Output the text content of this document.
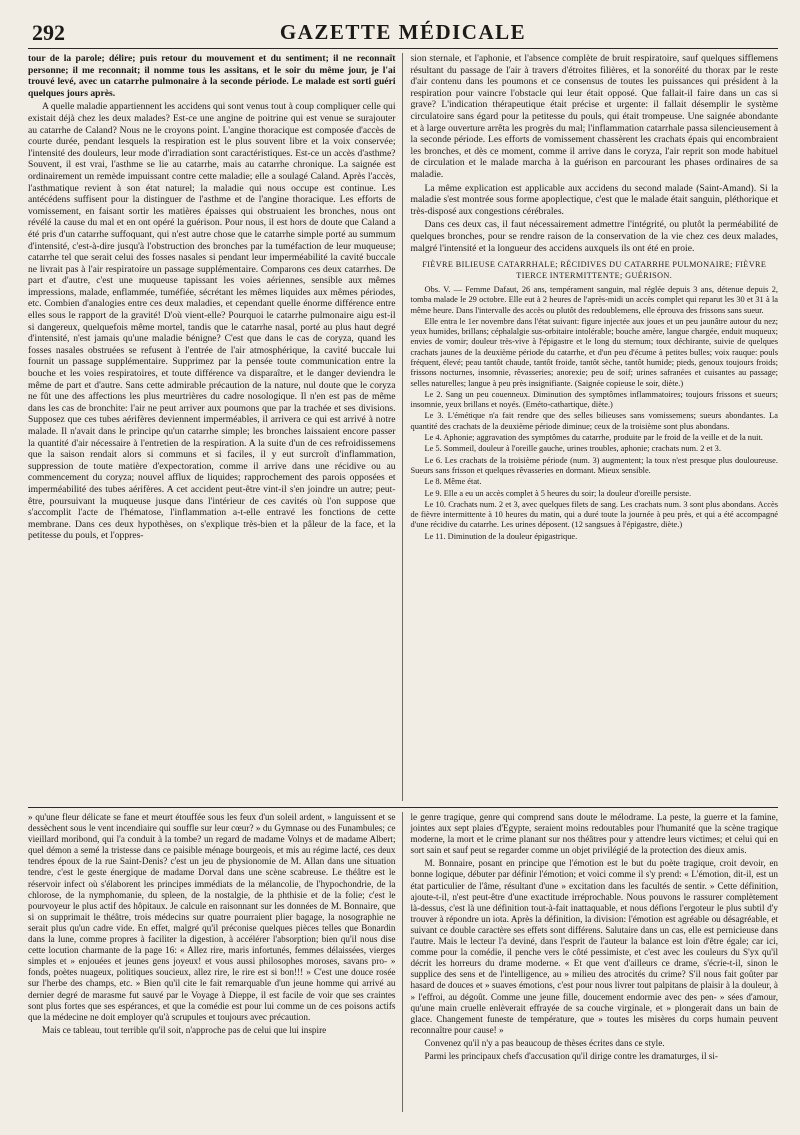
292	GAZETTE MÉDICALE

tour de la parole; délire; puis retour du mouvement et du sentiment; il ne reconnaît personne; il me reconnait; il nomme tous les assitans, et le soir du même jour, je l'ai trouvé levé, avec un catarrhe pulmonaire à la seconde période. Le malade est sorti guéri quelques jours après.

A quelle maladie appartiennent les accidens qui sont venus tout à coup compliquer celle qui existait déjà chez les deux malades? Est-ce une angine de poitrine qui est venue se surajouter au catarrhe de Caland? Nous ne le croyons point. L'angine thoracique est composée d'accès de courte durée, pendant lesquels la respiration est le plus souvent libre et la voix conservée; l'intensité des douleurs, leur mode d'irradiation sont caractéristiques. Est-ce un accès d'asthme? Souvent, il est vrai, l'asthme se lie au catarrhe, mais au catarrhe chronique. La saignée est ordinairement un remède impuissant contre cette maladie; elle a soulagé Caland. Après l'accès, l'asthmatique revient à son état naturel; la maladie qui nous occupe est continue. Les antécédens suffisent pour la distinguer de l'asthme et de l'angine thoracique. Les efforts de vomissement, en faisant sortir les matières épaisses qui obstruaient les bronches, nous ont révélé la cause du mal et en ont opéré la guérison. Pour nous, il est hors de doute que Caland a été pris d'un catarrhe suffoquant, qui n'est autre chose que le catarrhe simple porté au summum d'intensité, c'est-à-dire jusqu'à l'obstruction des bronches par la tuméfaction de leur muqueuse; catarrhe tel que serait celui des fosses nasales si pendant leur imperméabilité la cavité buccale ne livrait pas à l'air respiratoire un passage supplémentaire. Comparons ces deux catarrhes. De part et d'autre, c'est une muqueuse tapissant les voies aériennes, sensible aux mêmes impressions, malade, enflammée, tuméfiée, sécrétant les mêmes liquides aux mêmes périodes, etc. Combien d'analogies entre ces deux maladies, et cependant quelle énorme différence entre elles sous le rapport de la gravité! D'où vient-elle? Pourquoi le catarrhe pulmonaire aigu est-il si dangereux, quelquefois même mortel, tandis que le catarrhe nasal, porté au plus haut degré d'intensité, n'est jamais qu'une maladie bénigne? C'est que dans le cas de coryza, quand les fosses nasales obstruées se refusent à l'entrée de l'air atmosphérique, la cavité buccale lui fournit un passage supplémentaire. Supprimez par la pensée toute communication entre la bouche et les voies respiratoires, et toute différence va disparaître, et le danger deviendra le même de part et d'autre. Sans cette admirable précaution de la nature, nul doute que le coryza ne fût une des affections les plus meurtrières du cadre nosologique. Il n'en est pas de même dans les cas de bronchite: l'air ne peut arriver aux poumons que par la trachée et ses divisions. Supposez que ces tubes aérifères deviennent imperméables, il arrivera ce qui est arrivé à notre malade. Il n'avait dans le principe qu'un catarrhe simple; les bronches laissaient encore passer la quantité d'air nécessaire à l'entretien de la respiration. A la suite d'un de ces refroidissemens que la saison rendait alors si communs et si faciles, il y eut surcroît d'inflammation, suppression de toute matière d'expectoration, comme il arrive dans une récidive ou au commencement du coryza; nouvel afflux de liquides; rapprochement des parois opposées et imperméabilité des tubes aérifères. A cet accident peut-être vint-il s'en joindre un autre; peut-être, poursuivant la muqueuse jusque dans l'intérieur de ces cavités où l'on suppose que s'accomplit l'acte de l'hématose, l'inflammation a-t-elle entravé les fonctions de cette membrane. Dans ces deux hypothèses, on s'explique très-bien et la pâleur de la face, et la petitesse du pouls, et l'oppres-

sion sternale, et l'aphonie, et l'absence complète de bruit respiratoire, sauf quelques sifflemens résultant du passage de l'air à travers d'étroites filières, et la sonoréité du thorax par le reste d'air contenu dans les poumons et ce consensus de toutes les puissances qui président à la respiration pour vaincre l'obstacle qui leur était opposé. Que fallait-il faire dans un cas si grave? L'indication thérapeutique était précise et urgente: il fallait désemplir le système circulatoire sans égard pour la petitesse du pouls, qui était trompeuse. Une saignée abondante et à large ouverture arrêta les progrès du mal; l'inflammation catarrhale passa silencieusement à la seconde période. Les efforts de vomissement chassèrent les crachats épais qui encombraient les bronches, et dès ce moment, comme il arrive dans le coryza, l'air reprit son mode habituel de circulation et le malade marcha à la guérison en parcourant les phases ordinaires de sa maladie.

La même explication est applicable aux accidens du second malade (Saint-Amand). Si la maladie s'est montrée sous forme apoplectique, c'est que le malade était sanguin, pléthorique et très-disposé aux congestions cérébrales.

Dans ces deux cas, il faut nécessairement admettre l'intégrité, ou plutôt la perméabilité de quelques bronches, pour se rendre raison de la conservation de la vie chez ces deux malades, malgré l'intensité et la longueur des accidens auxquels ils ont été en proie.

FIÈVRE BILIEUSE CATARRHALE; RÉCIDIVES DU CATARRHE PULMONAIRE; FIÈVRE TIERCE INTERMITTENTE; GUÉRISON.

Obs. V. — Femme Dafaut, 26 ans, tempérament sanguin, mal réglée depuis 3 ans, détenue depuis 2, tomba malade le 29 octobre. Elle eut à 2 heures de l'après-midi un accès complet qui reparut les 30 et 31 à la même heure. Dans l'intervalle des accès ou plutôt des redoublemens, elle éprouva des frissons sans sueur.

Elle entra le 1er novembre dans l'état suivant: figure injectée aux joues et un peu jaunâtre autour du nez; yeux humides, brillans; céphalalgie sus-orbitaire intolérable; bouche amère, langue chargée, enduit muqueux; envies de vomir; douleur très-vive à l'épigastre et le long du sternum; toux déchirante, suivie de quelques crachats jaunes de la deuxième période du catarrhe, et d'un peu d'écume à petites bulles; voix rauque: pouls fréquent, élevé; peau tantôt chaude, tantôt froide, tantôt sèche, tantôt humide; pieds, genoux toujours froids; frissons nocturnes, insomnie, rêvasseries; anorexie; peu de soif; urines safranées et cuisantes au passage; selles naturelles; langue à peu près insignifiante. (Saignée copieuse le soir, diète.)

Le 2. Sang un peu couenneux. Diminution des symptômes inflammatoires; toujours frissons et sueurs; insomnie, yeux brillans et noyés. (Eméto-cathartique, diète.)

Le 3. L'émétique n'a fait rendre que des selles bilieuses sans vomissemens; sueurs abondantes. La quantité des crachats de la deuxième période diminue; ceux de la troisième sont plus abondans.

Le 4. Aphonie; aggravation des symptômes du catarrhe, produite par le froid de la veille et de la nuit.

Le 5. Sommeil, douleur à l'oreille gauche, urines troubles, aphonie; crachats num. 2 et 3.

Le 6. Les crachats de la troisième période (num. 3) augmentent; la toux n'est presque plus douloureuse. Sueurs sans frisson et quelques rêvasseries en dormant. Mieux sensible.

Le 8. Même état.

Le 9. Elle a eu un accès complet à 5 heures du soir; la douleur d'oreille persiste.

Le 10. Crachats num. 2 et 3, avec quelques filets de sang. Les crachats num. 3 sont plus abondans. Accès de fièvre intermittente à 10 heures du matin, qui a duré toute la journée à peu près, et qui a été accompagné d'une récidive du catarrhe. Les urines déposent. (12 sangsues à l'épigastre, diète.)

Le 11. Diminution de la douleur épigastrique.

» qu'une fleur délicate se fane et meurt étouffée sous les feux d'un soleil ardent, » languissent et se dessèchent sous le vent incendiaire qui souffle sur leur cœur? » du Gymnase ou des Funambules; ce vieillard moribond, qui l'a conduit à la tombe? un regard de madame Volnys et de madame Albert; quel démon a semé la tristesse dans ce paisible ménage bourgeois, et mis au régime lacté, ces deux tendres époux de la rue Saint-Denis? c'est un jeu de physionomie de M. Allan dans une situation tendre, c'est le geste énergique de madame Dorval dans une scène scabreuse. Le théâtre est le réservoir infect où s'élaborent les principes immédiats de la mélancolie, de l'hypochondrie, de la chlorose, de la nymphomanie, du spleen, de la nostalgie, de la phthisie et de la folie; c'est le pourvoyeur le plus actif des hôpitaux. Je calcule en raisonnant sur les données de M. Bonnaire, que si on supprimait le théâtre, trois médecins sur quatre pourraient plier bagage, la nosographie ne serait plus qu'un cadre vide. En effet, malgré qu'il préconise quelques pièces telles que Bonardin dans la lune, comme propres à faciliter la digestion, à accélérer l'absorption; bien qu'il nous dise cette locution charmante de la page 16: « Allez rire, maris infortunés, femmes délaissées, vierges simples et » enjouées et jeunes gens joyeux! et vous aussi philosophes moroses, savans pro- » fonds, poètes nuageux, politiques soucieux, allez rire, le rire est si bon!!! » C'est une douce rosée sur l'herbe des champs, etc. » Bien qu'il cite le fait remarquable d'un jeune homme qui arrivé au dernier degré de marasme fut sauvé par le Voyage à Dieppe, il est facile de voir que ses craintes sont plus fortes que ses espérances, et que la comédie est pour lui comme un de ces poisons actifs que la médecine ne doit employer qu'à scrupules et toujours avec précaution.

Mais ce tableau, tout terrible qu'il soit, n'approche pas de celui que lui inspire

le genre tragique, genre qui comprend sans doute le mélodrame. La peste, la guerre et la famine, jointes aux sept plaies d'Egypte, seraient moins redoutables pour l'humanité que la scène tragique moderne, la mort et le crime planant sur nos théâtres pour y attendre leurs victimes; et celui qui en sort sain et sauf peut se regarder comme un objet privilégié de la protection des dieux amis.

M. Bonnaire, posant en principe que l'émotion est le but du poète tragique, croit devoir, en bonne logique, débuter par définir l'émotion; et voici comme il s'y prend: « L'émotion, dit-il, est un état particulier de l'âme, résultant d'une » excitation dans les facultés de sentir. » Cette définition, ajoute-t-il, n'est peut-être d'une exactitude irréprochable. Nous pouvons le rassurer complètement là-dessus, c'est là une définition tout-à-fait inattaquable, et nous défions l'ergoteur le plus subtil d'y trouver à répondre un iota. Après la définition, la division: l'émotion est agréable ou désagréable, et suivant ce double caractère ses effets sont différens. Salutaire dans un cas, elle est pernicieuse dans l'autre. Mais le lecteur l'a deviné, dans l'esprit de l'auteur la balance est loin d'être égale; car ici, comme pour la comédie, il penche vers le côté pessimiste, et c'est avec les couleurs du S'yx qu'il décrit les horreurs du drame moderne. « Et que vent d'ailleurs ce drame, s'écrie-t-il, sinon le supplice des sens et de l'intelligence, au » milieu des atrocités du crime? S'il nous fait goûter par hasard de douces et » suaves émotions, c'est pour nous livrer tout palpitans de plaisir à la douleur, à » l'effroi, au dégoût. Comme une jeune fille, doucement endormie avec des pen- » sées d'amour, qu'une main cruelle enlèverait effrayée de sa couche virginale, et » plongerait dans un bain de glace. Changement funeste de température, que » toutes les misères du corps humain peuvent reconnaître pour cause! »

Convenez qu'il n'y a pas beaucoup de thèses écrites dans ce style.

Parmi les principaux chefs d'accusation qu'il dirige contre les dramaturges, il si-
